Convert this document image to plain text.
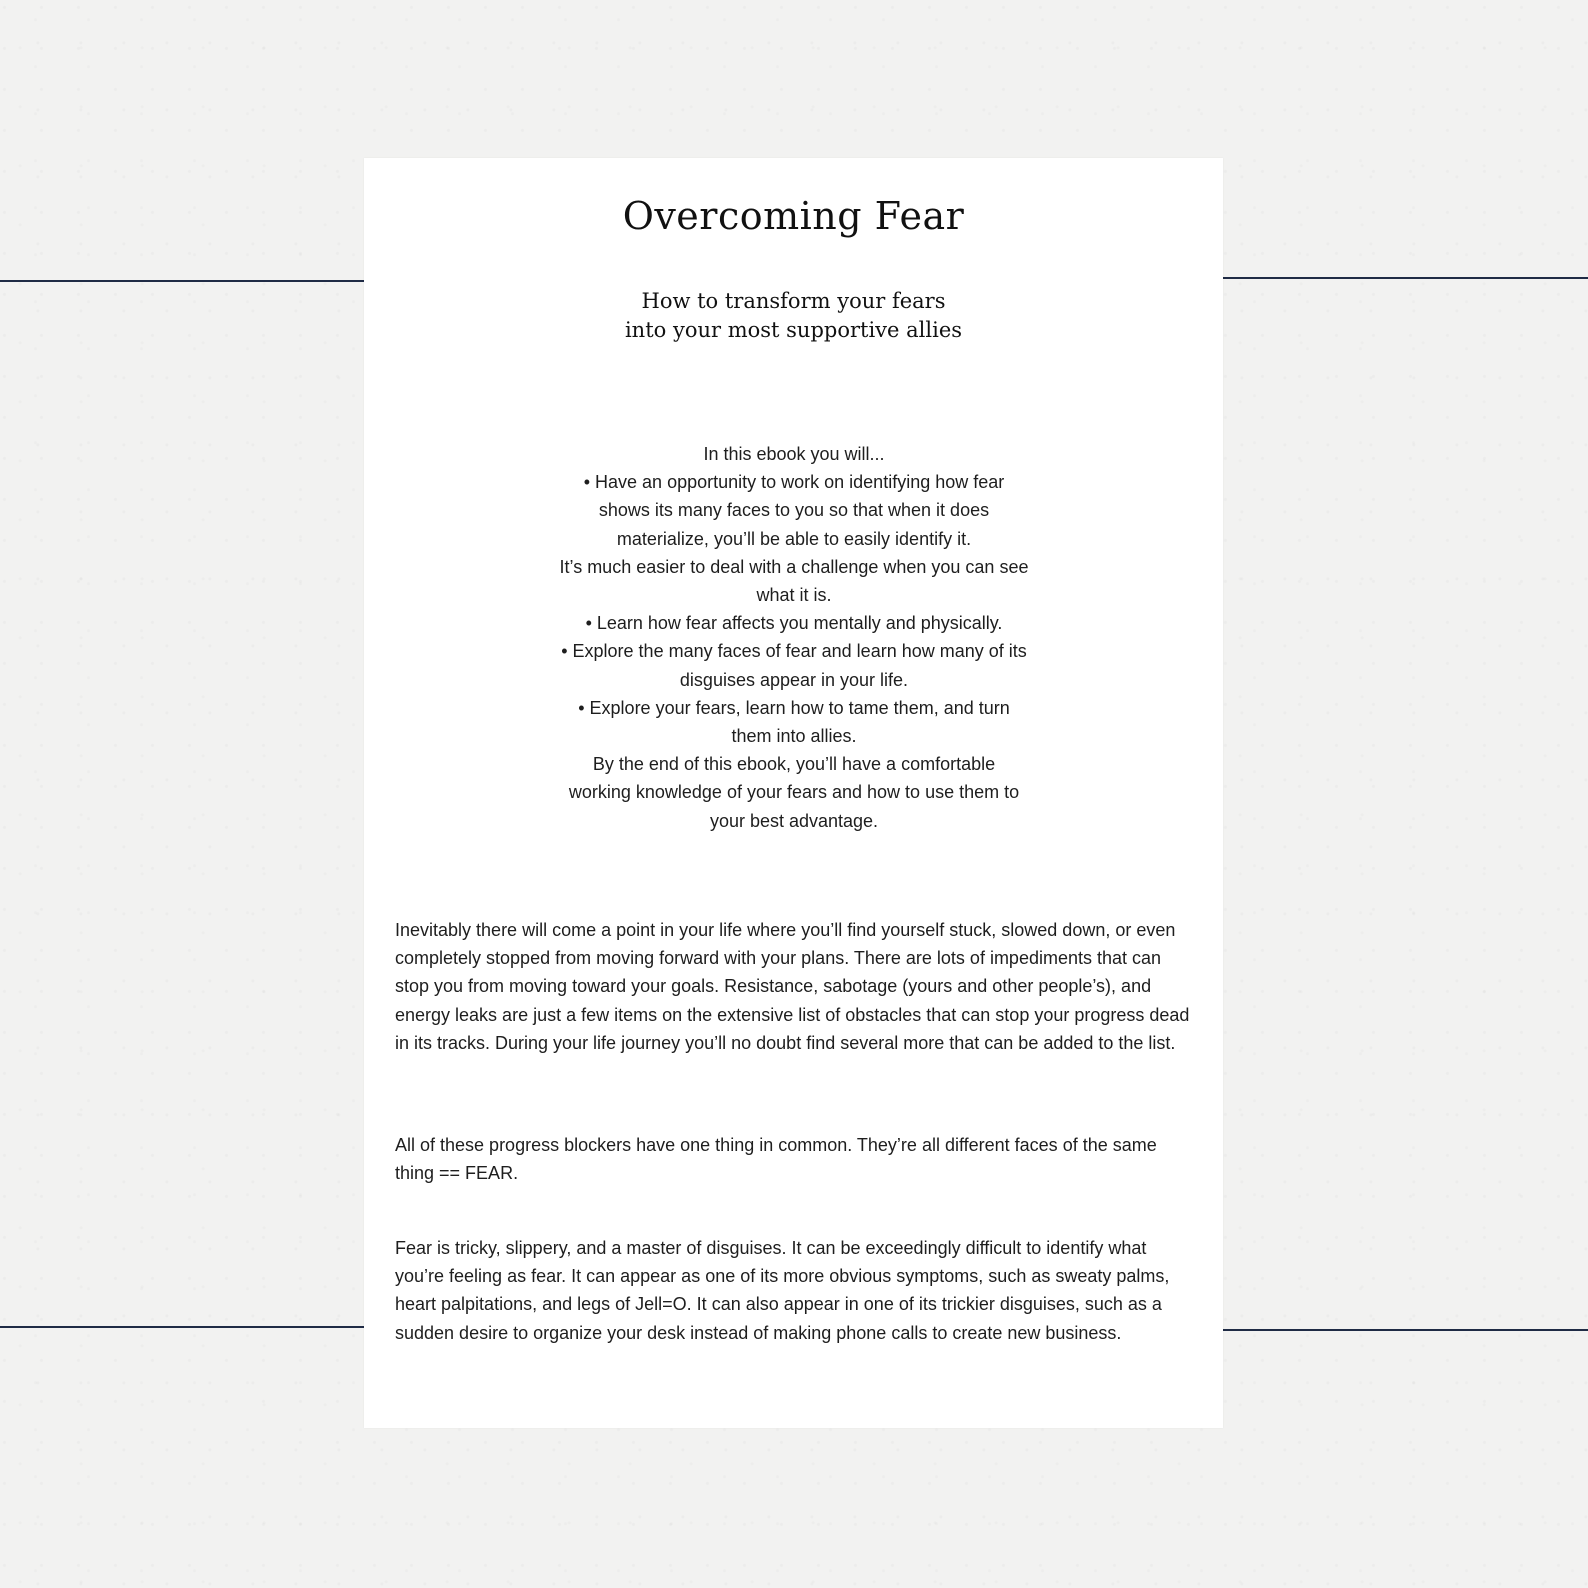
Overcoming Fear
How to transform your fears
into your most supportive allies
In this ebook you will...
• Have an opportunity to work on identifying how fear
shows its many faces to you so that when it does
materialize, you’ll be able to easily identify it.
It’s much easier to deal with a challenge when you can see
what it is.
• Learn how fear affects you mentally and physically.
• Explore the many faces of fear and learn how many of its
disguises appear in your life.
• Explore your fears, learn how to tame them, and turn
them into allies.
By the end of this ebook, you’ll have a comfortable
working knowledge of your fears and how to use them to
your best advantage.

Inevitably there will come a point in your life where you’ll find yourself stuck, slowed down, or even completely stopped from moving forward with your plans. There are lots of impediments that can stop you from moving toward your goals. Resistance, sabotage (yours and other people’s), and energy leaks are just a few items on the extensive list of obstacles that can stop your progress dead in its tracks. During your life journey you’ll no doubt find several more that can be added to the list.

All of these progress blockers have one thing in common. They’re all different faces of the same thing == FEAR.

Fear is tricky, slippery, and a master of disguises. It can be exceedingly difficult to identify what you’re feeling as fear. It can appear as one of its more obvious symptoms, such as sweaty palms, heart palpitations, and legs of Jell=O. It can also appear in one of its trickier disguises, such as a sudden desire to organize your desk instead of making phone calls to create new business.
